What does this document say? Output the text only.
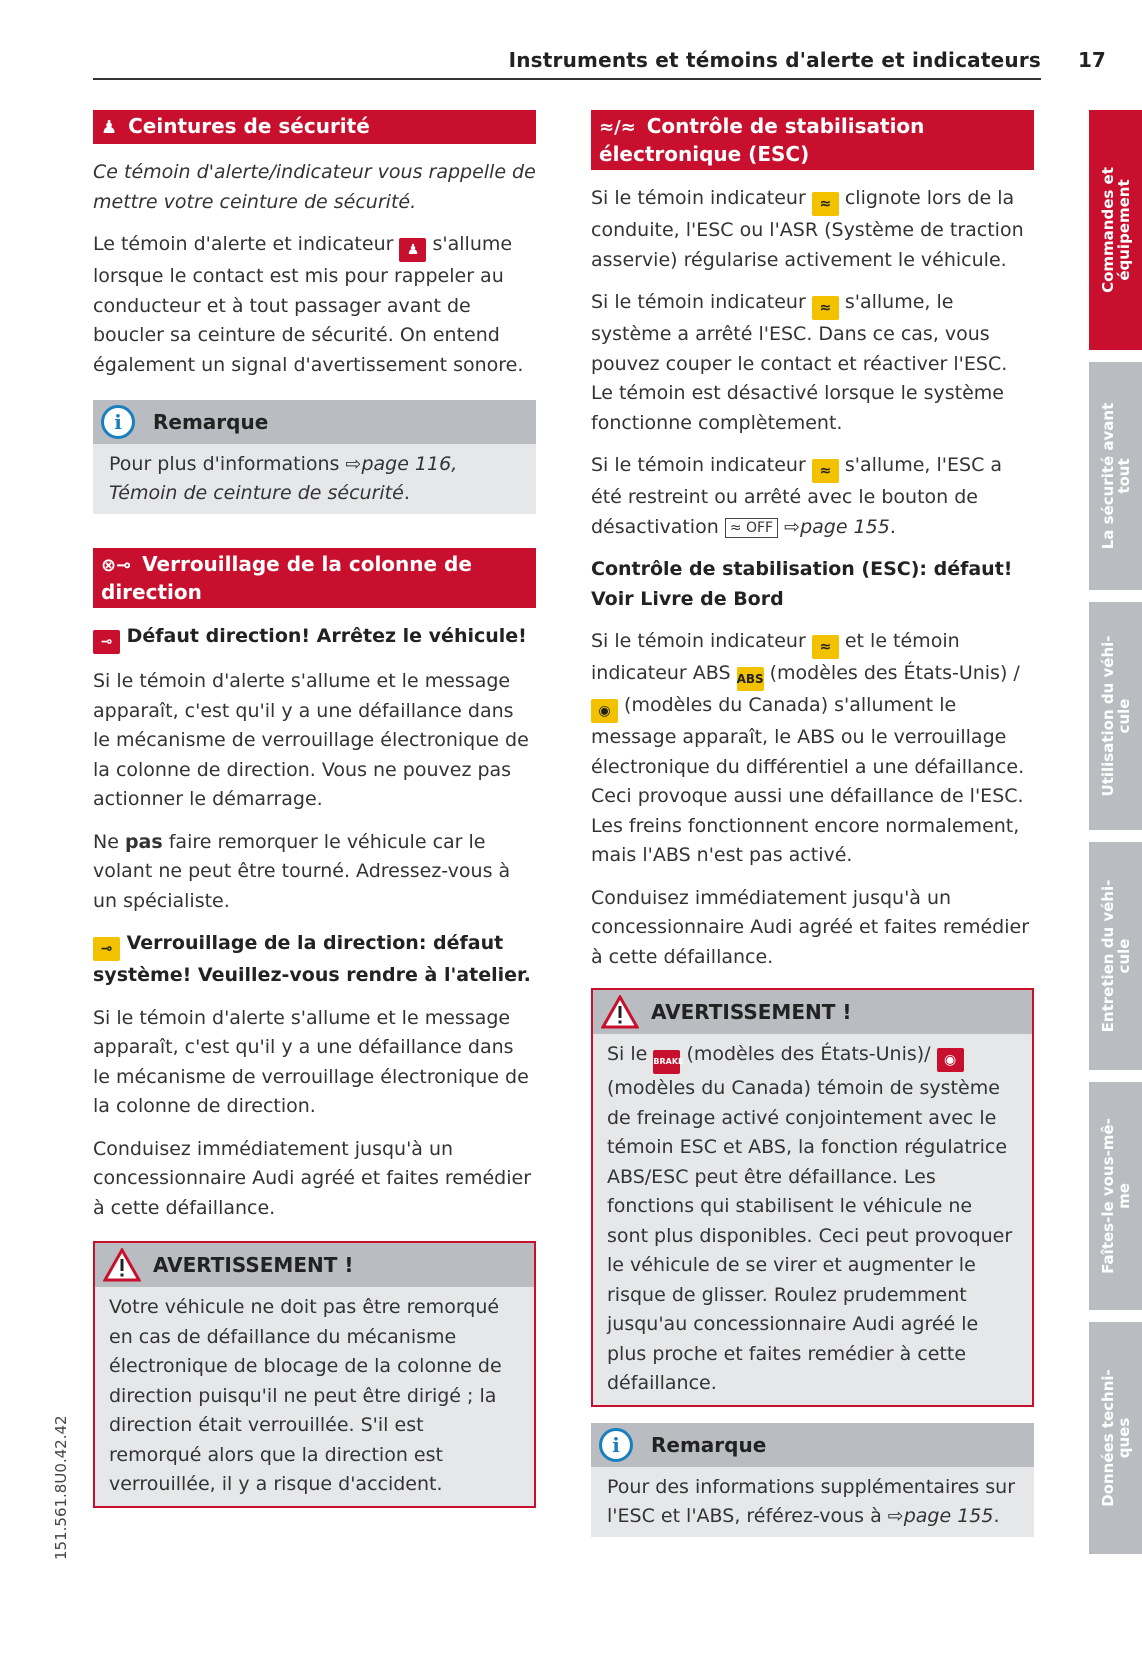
Instruments et témoins d'alerte et indicateurs 17
♟ Ceintures de sécurité

Ce témoin d'alerte/indicateur vous rappelle de mettre votre ceinture de sécurité.

Le témoin d'alerte et indicateur ♟ s'allume lorsque le contact est mis pour rappeler au conducteur et à tout passager avant de boucler sa ceinture de sécurité. On entend également un signal d'avertissement sonore.

i	Remarque
Pour plus d'informations ⇨page 116, Témoin de ceinture de sécurité.
⊗⊸ Verrouillage de la colonne de direction

⊸ Défaut direction! Arrêtez le véhicule!

Si le témoin d'alerte s'allume et le message apparaît, c'est qu'il y a une défaillance dans le mécanisme de verrouillage électronique de la colonne de direction. Vous ne pouvez pas actionner le démarrage.

Ne pas faire remorquer le véhicule car le volant ne peut être tourné. Adressez-vous à un spécialiste.

⊸ Verrouillage de la direction: défaut système! Veuillez-vous rendre à l'atelier.

Si le témoin d'alerte s'allume et le message apparaît, c'est qu'il y a une défaillance dans le mécanisme de verrouillage électronique de la colonne de direction.

Conduisez immédiatement jusqu'à un concessionnaire Audi agréé et faites remédier à cette défaillance.

AVERTISSEMENT !
Votre véhicule ne doit pas être remorqué en cas de défaillance du mécanisme électronique de blocage de la colonne de direction puisqu'il ne peut être dirigé ; la direction était verrouillée. S'il est remorqué alors que la direction est verrouillée, il y a risque d'accident.
≈/≈ Contrôle de stabilisation électronique (ESC)

Si le témoin indicateur ≈ clignote lors de la conduite, l'ESC ou l'ASR (Système de traction asservie) régularise activement le véhicule.

Si le témoin indicateur ≈ s'allume, le système a arrêté l'ESC. Dans ce cas, vous pouvez couper le contact et réactiver l'ESC. Le témoin est désactivé lorsque le système fonctionne complètement.

Si le témoin indicateur ≈ s'allume, l'ESC a été restreint ou arrêté avec le bouton de désactivation ≈ OFF ⇨page 155.

Contrôle de stabilisation (ESC): défaut! Voir Livre de Bord

Si le témoin indicateur ≈ et le témoin indicateur ABS ABS (modèles des États-Unis) / ◉ (modèles du Canada) s'allument le message apparaît, le ABS ou le verrouillage électronique du différentiel a une défaillance. Ceci provoque aussi une défaillance de l'ESC. Les freins fonctionnent encore normalement, mais l'ABS n'est pas activé.

Conduisez immédiatement jusqu'à un concessionnaire Audi agréé et faites remédier à cette défaillance.

AVERTISSEMENT !
Si le BRAKE (modèles des États-Unis)/ ◉ (modèles du Canada) témoin de système de freinage activé conjointement avec le témoin ESC et ABS, la fonction régulatrice ABS/ESC peut être défaillance. Les fonctions qui stabilisent le véhicule ne sont plus disponibles. Ceci peut provoquer le véhicule de se virer et augmenter le risque de glisser. Roulez prudemment jusqu'au concessionnaire Audi agréé le plus proche et faites remédier à cette défaillance.
i	Remarque
Pour des informations supplémentaires sur l'ESC et l'ABS, référez-vous à ⇨page 155.
Commandes et
équipement
La sécurité avant
tout
Utilisation du véhi-
cule
Entretien du véhi-
cule
Faîtes-le vous-mê-
me
Données techni-
ques
151.561.8U0.42.42
